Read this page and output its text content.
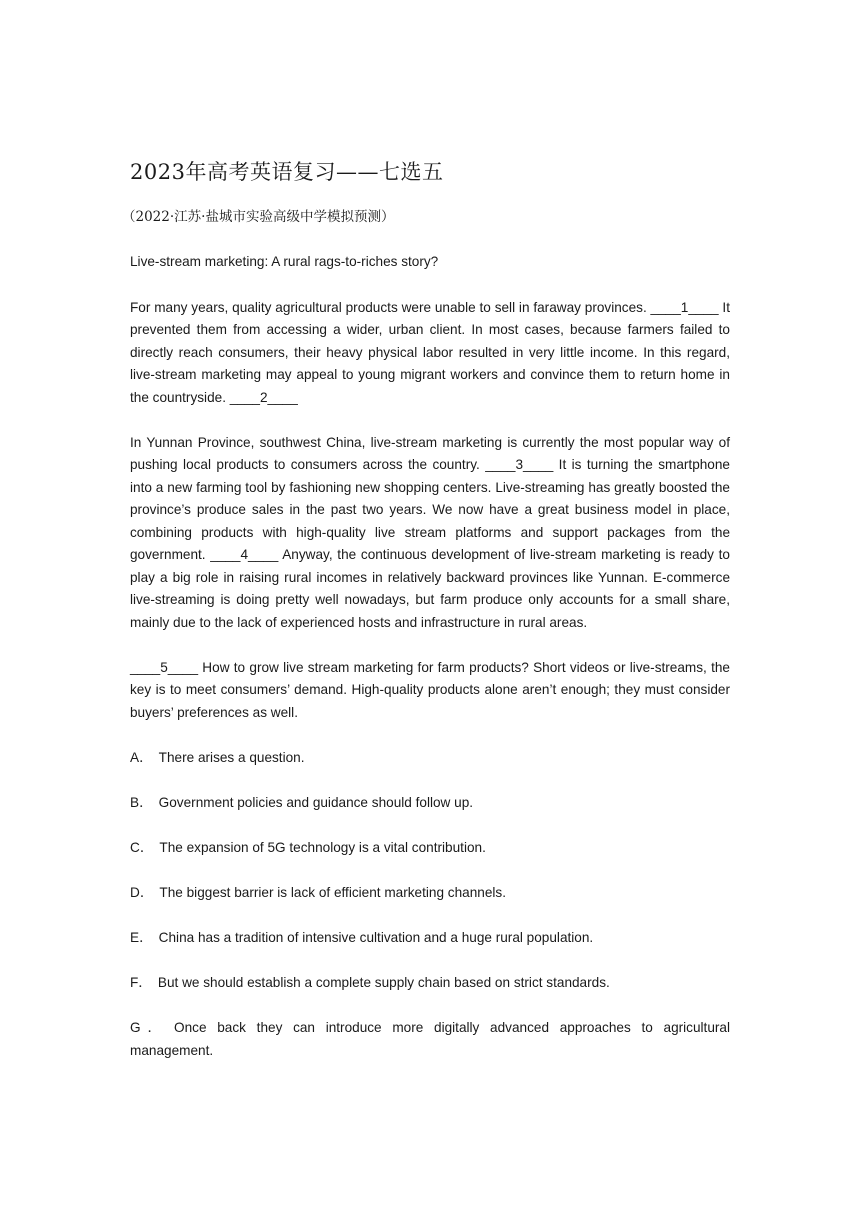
2023年高考英语复习——七选五
（2022·江苏·盐城市实验高级中学模拟预测）

Live-stream marketing: A rural rags-to-riches story?

For many years, quality agricultural products were unable to sell in faraway provinces. ____1____ It prevented them from accessing a wider, urban client. In most cases, because farmers failed to directly reach consumers, their heavy physical labor resulted in very little income. In this regard, live-stream marketing may appeal to young migrant workers and convince them to return home in the countryside. ____2____

In Yunnan Province, southwest China, live-stream marketing is currently the most popular way of pushing local products to consumers across the country. ____3____ It is turning the smartphone into a new farming tool by fashioning new shopping centers. Live-streaming has greatly boosted the province’s produce sales in the past two years. We now have a great business model in place, combining products with high-quality live stream platforms and support packages from the government. ____4____ Anyway, the continuous development of live-stream marketing is ready to play a big role in raising rural incomes in relatively backward provinces like Yunnan. E-commerce live-streaming is doing pretty well nowadays, but farm produce only accounts for a small share, mainly due to the lack of experienced hosts and infrastructure in rural areas.

____5____ How to grow live stream marketing for farm products? Short videos or live-streams, the key is to meet consumers’ demand. High-quality products alone aren’t enough; they must consider buyers’ preferences as well.

A． There arises a question.

B． Government policies and guidance should follow up.

C． The expansion of 5G technology is a vital contribution.

D． The biggest barrier is lack of efficient marketing channels.

E． China has a tradition of intensive cultivation and a huge rural population.

F． But we should establish a complete supply chain based on strict standards.

G． Once back they can introduce more digitally advanced approaches to agricultural management.
